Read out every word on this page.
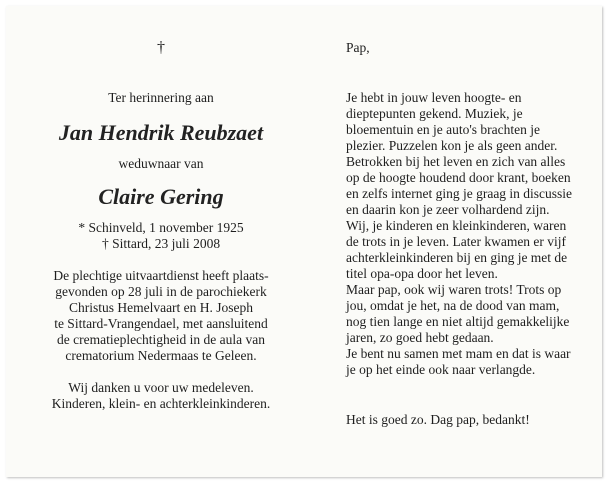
†
Ter herinnering aan
Jan Hendrik Reubzaet
weduwnaar van
Claire Gering
* Schinveld, 1 november 1925
† Sittard, 23 juli 2008
De plechtige uitvaartdienst heeft plaats-
gevonden op 28 juli in de parochiekerk
Christus Hemelvaart en H. Joseph
te Sittard-Vrangendael, met aansluitend
de crematieplechtigheid in de aula van
crematorium Nedermaas te Geleen.
Wij danken u voor uw medeleven.
Kinderen, klein- en achterkleinkinderen.
Pap,
Je hebt in jouw leven hoogte- en
dieptepunten gekend. Muziek, je
bloementuin en je auto's brachten je
plezier. Puzzelen kon je als geen ander.
Betrokken bij het leven en zich van alles
op de hoogte houdend door krant, boeken
en zelfs internet ging je graag in discussie
en daarin kon je zeer volhardend zijn.
Wij, je kinderen en kleinkinderen, waren
de trots in je leven. Later kwamen er vijf
achterkleinkinderen bij en ging je met de
titel opa-opa door het leven.
Maar pap, ook wij waren trots! Trots op
jou, omdat je het, na de dood van mam,
nog tien lange en niet altijd gemakkelijke
jaren, zo goed hebt gedaan.
Je bent nu samen met mam en dat is waar
je op het einde ook naar verlangde.
Het is goed zo. Dag pap, bedankt!
